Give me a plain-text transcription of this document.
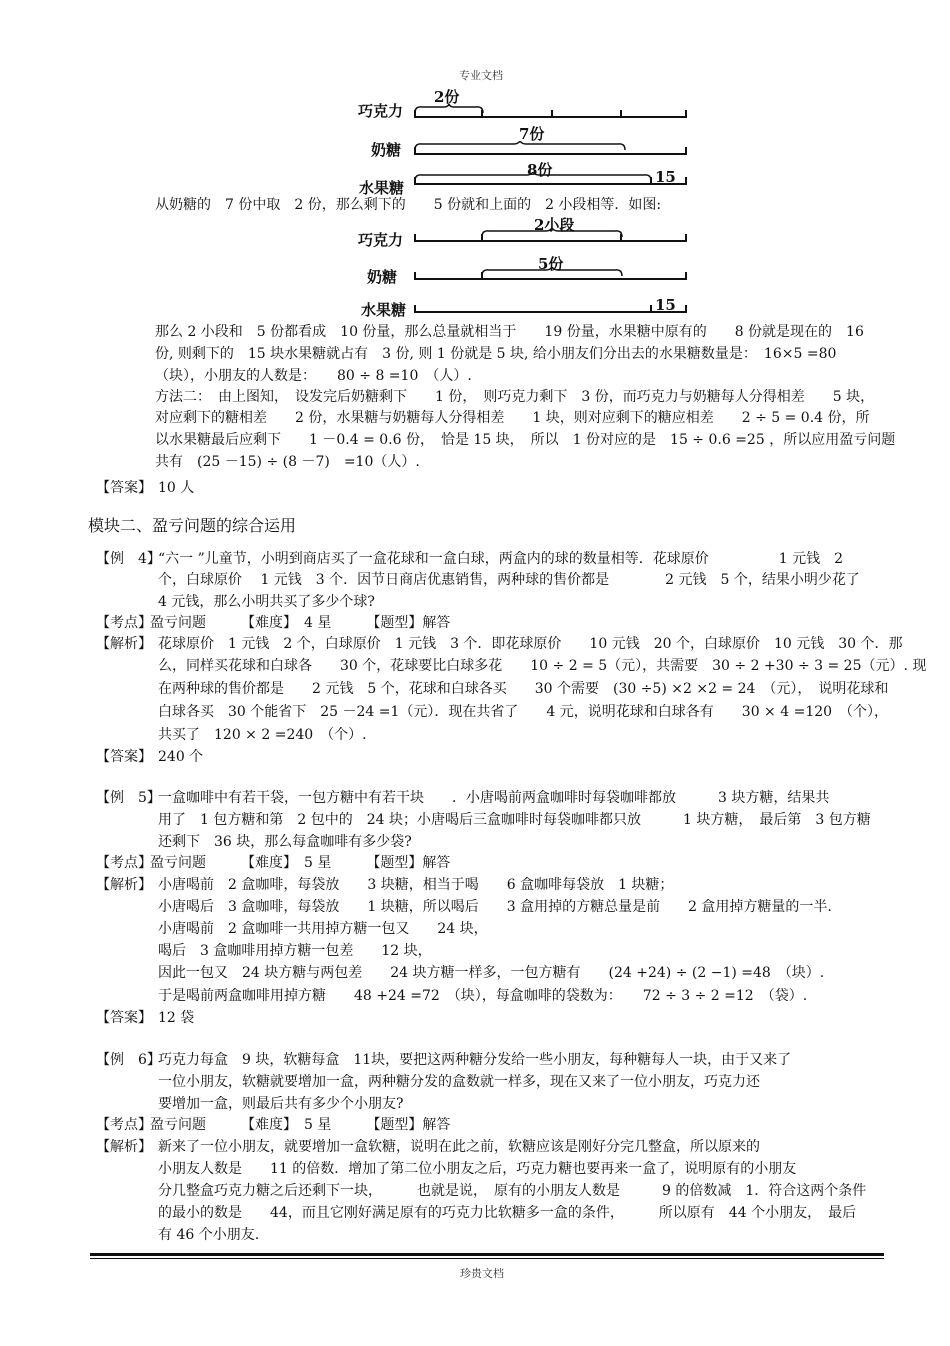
专业文档
巧克力
奶糖
水果糖
2份
7份
8份	15
从奶糖的　7 份中取　2 份，那么剩下的　　5 份就和上面的　2 小段相等．如图:
巧克力
奶糖
水果糖
2小段
5份
15
那么 2 小段和　5 份都看成　10 份量，那么总量就相当于　　19 份量，水果糖中原有的　　8 份就是现在的　16
份, 则剩下的　15 块水果糖就占有　3 份, 则 1 份就是 5 块, 给小朋友们分出去的水果糖数量是：　16×5 =80
（块），小朋友的人数是：　　80 ÷ 8 =10　（人）.
方法二：　由上图知，　设发完后奶糖剩下　　1 份，　则巧克力剩下　3 份，而巧克力与奶糖每人分得相差　　5 块，
对应剩下的糖相差　　2 份，水果糖与奶糖每人分得相差　　1 块，则对应剩下的糖应相差　　2 ÷ 5 = 0.4 份，所
以水果糖最后应剩下　　1 －0.4 = 0.6 份，　恰是 15 块，　所以　1 份对应的是　15 ÷ 0.6 =25 ，所以应用盈亏问题
共有　(25 －15) ÷ (8 －7)　=10（人）.
【答案】 10 人
模块二、盈亏问题的综合运用
【例　4】
“六一 ”儿童节，小明到商店买了一盒花球和一盒白球，两盒内的球的数量相等．花球原价　　　　　1 元钱　2
个，白球原价　 1 元钱　3 个．因节日商店优惠销售，两种球的售价都是　　　　2 元钱　5 个，结果小明少花了
4 元钱，那么小明共买了多少个球?
【考点】
盈亏问题　　　【难度】　4 星　　　【题型】解答
【解析】 花球原价　1 元钱　2 个，白球原价　1 元钱　3 个．即花球原价　　10 元钱　20 个，白球原价　10 元钱　30 个．那
么，同样买花球和白球各　　30 个，花球要比白球多花　　10 ÷ 2 = 5（元），共需要　30 ÷ 2 +30 ÷ 3 = 25（元）. 现
在两种球的售价都是　　2 元钱　5 个，花球和白球各买　　30 个需要　(30 ÷5) ×2 ×2 = 24　（元），　说明花球和
白球各买　30 个能省下　25 －24 =1（元）．现在共省了　　4 元，说明花球和白球各有　　30 × 4 =120　（个），
共买了　120 × 2 =240　（个）.
【答案】 240 个
【例　5】
一盒咖啡中有若干袋，一包方糖中有若干块　　．小唐喝前两盒咖啡时每袋咖啡都放　　　3 块方糖，结果共
用了　1 包方糖和第　2 包中的　24 块；小唐喝后三盒咖啡时每袋咖啡都只放　　　1 块方糖，　最后第　3 包方糖
还剩下　36 块，那么每盒咖啡有多少袋?
【考点】
盈亏问题　　　【难度】　5 星　　　【题型】解答
【解析】 小唐喝前　2 盒咖啡，每袋放　　3 块糖，相当于喝　　6 盒咖啡每袋放　1 块糖；
小唐喝后　3 盒咖啡，每袋放　　1 块糖，所以喝后　　3 盒用掉的方糖总量是前　　2 盒用掉方糖量的一半.
小唐喝前　2 盒咖啡一共用掉方糖一包又　　24 块，
喝后　3 盒咖啡用掉方糖一包差　　12 块，
因此一包又　24 块方糖与两包差　　24 块方糖一样多，一包方糖有　　(24 +24) ÷ (2 −1) =48　（块）.
于是喝前两盒咖啡用掉方糖　　48 +24 =72　（块），每盒咖啡的袋数为：　　72 ÷ 3 ÷ 2 =12　（袋）.
【答案】 12 袋
【例　6】
巧克力每盒　9 块，软糖每盒　11块，要把这两种糖分发给一些小朋友，每种糖每人一块，由于又来了
一位小朋友，软糖就要增加一盒，两种糖分发的盒数就一样多，现在又来了一位小朋友，巧克力还
要增加一盒，则最后共有多少个小朋友?
【考点】
盈亏问题　　　【难度】　5 星　　　【题型】解答
【解析】 新来了一位小朋友，就要增加一盒软糖，说明在此之前，软糖应该是刚好分完几整盒，所以原来的
小朋友人数是　　11 的倍数．增加了第二位小朋友之后，巧克力糖也要再来一盒了，说明原有的小朋友
分几整盒巧克力糖之后还剩下一块，　　　也就是说，　原有的小朋友人数是　　　9 的倍数减　1．符合这两个条件
的最小的数是　　44，而且它刚好满足原有的巧克力比软糖多一盒的条件，　　　所以原有　44 个小朋友，　最后
有 46 个小朋友.
珍贵文档
